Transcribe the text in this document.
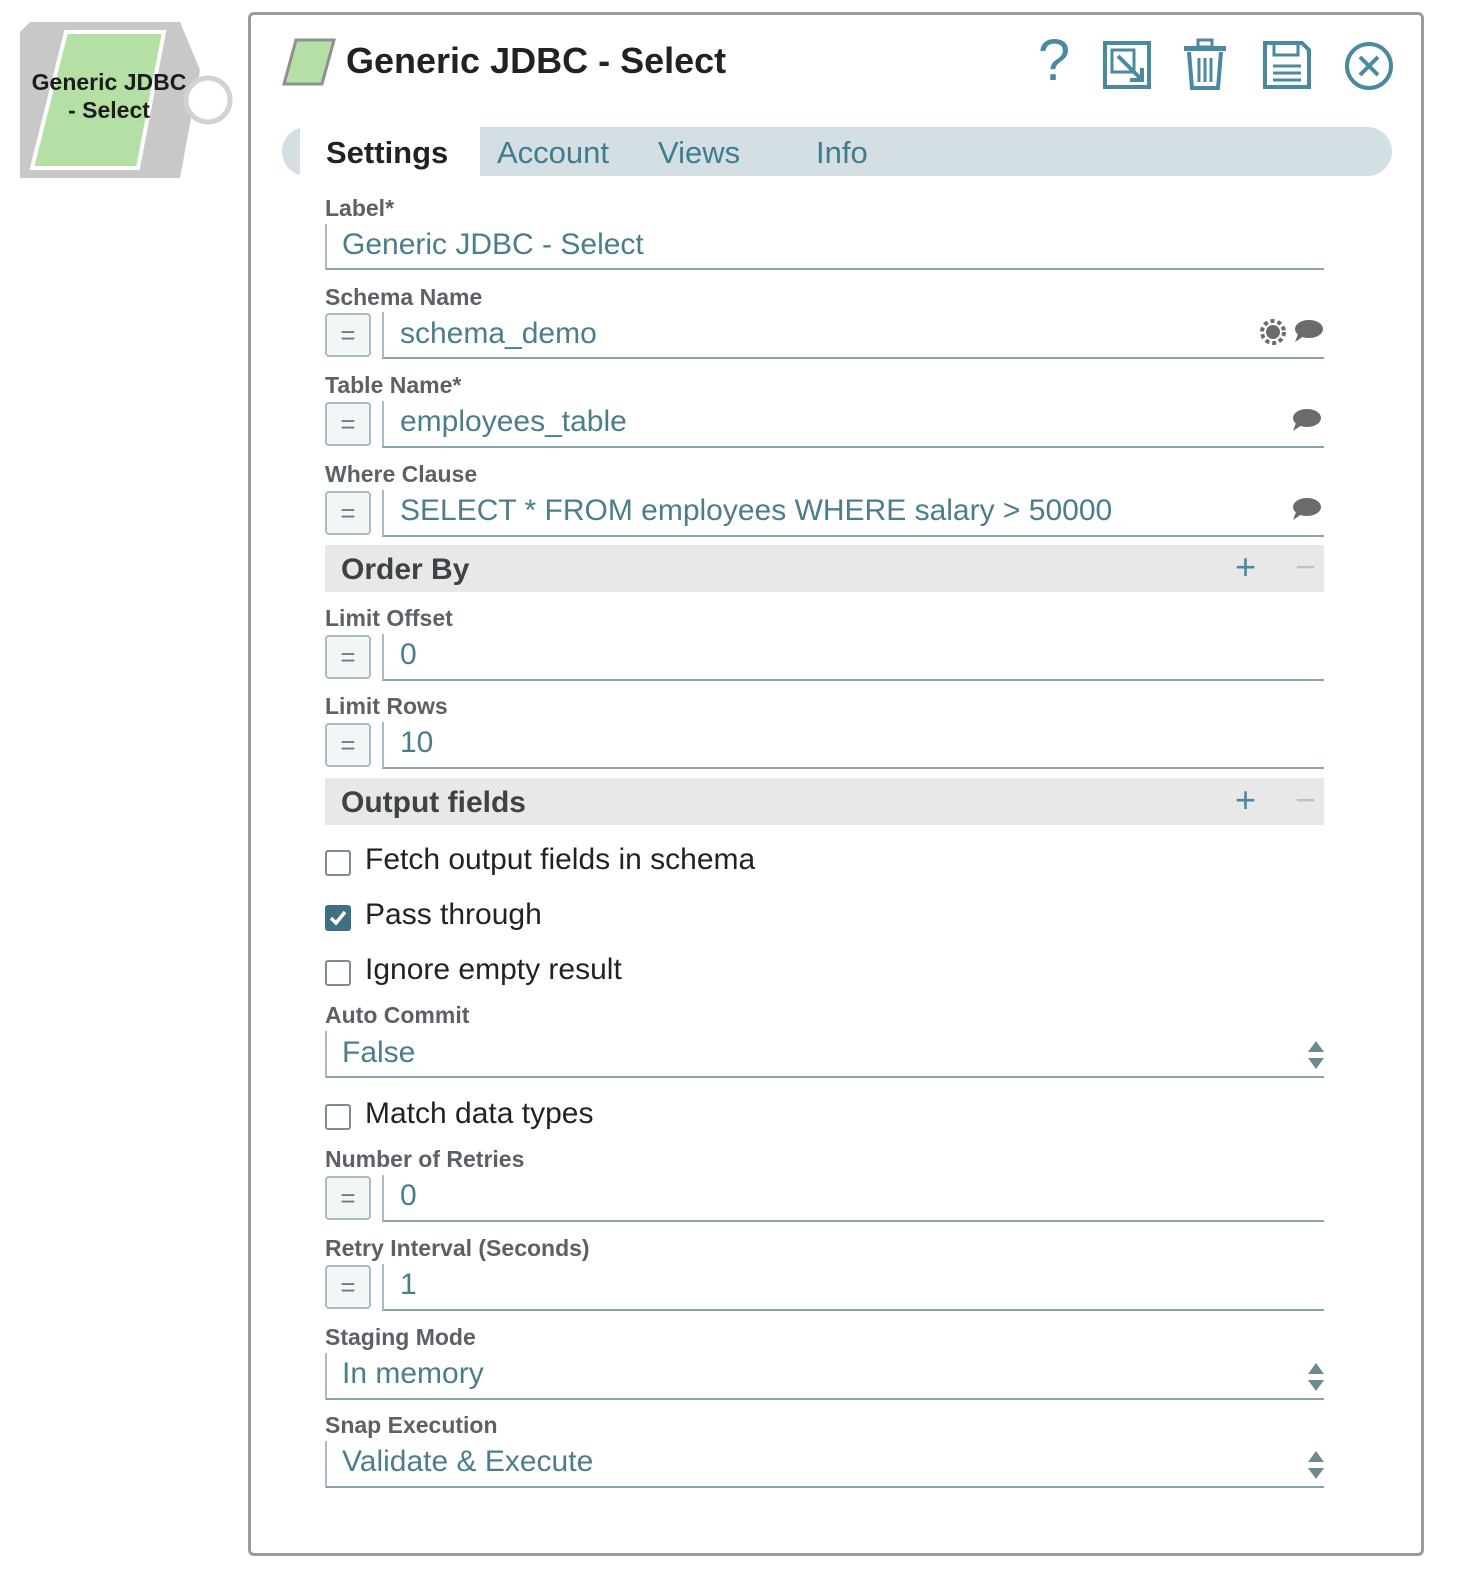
Generic JDBC
- Select
Generic JDBC - Select	?
Settings Account Views Info
Label*
Generic JDBC - Select
Schema Name
=	schema_demo
Table Name*
=	employees_table
Where Clause
=	SELECT * FROM employees WHERE salary > 50000
Order By	+ −
Limit Offset
=	0
Limit Rows
=	10
Output fields	+ −
Fetch output fields in schema
Pass through
Ignore empty result
Auto Commit
False
Match data types
Number of Retries
=	0
Retry Interval (Seconds)
=	1
Staging Mode
In memory
Snap Execution
Validate & Execute
